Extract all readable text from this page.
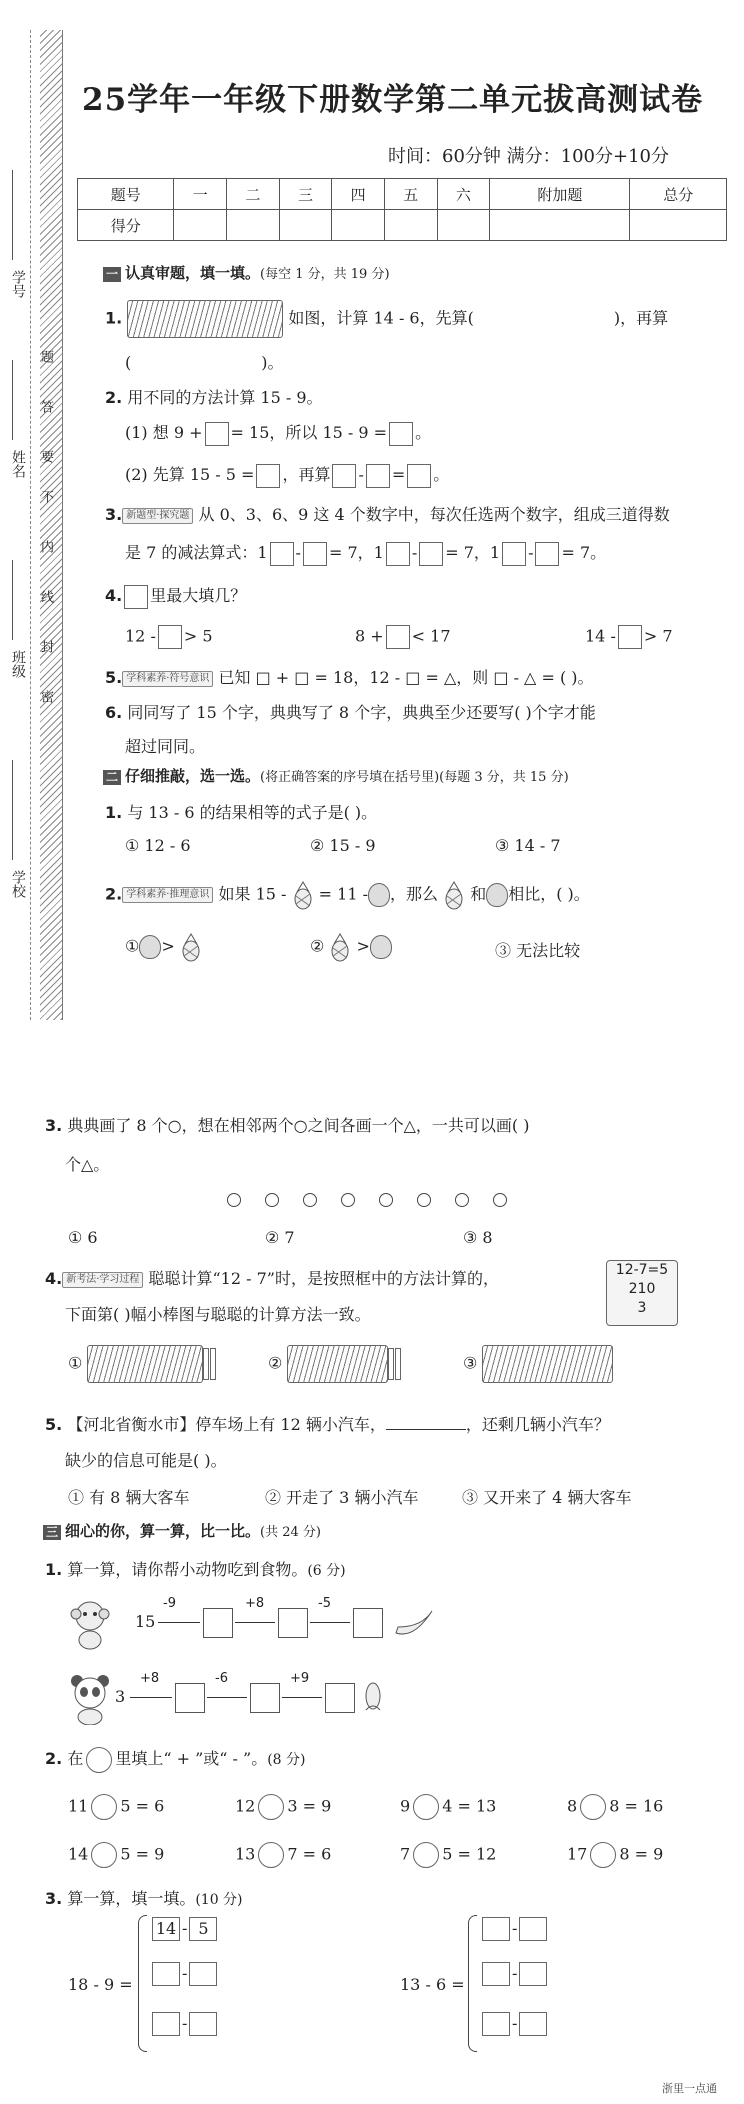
学校
班级
姓名
学号
题
答
要
不
内
线
封
密
25学年一年级下册数学第二单元拔高测试卷
时间：60分钟 满分：100分+10分
题号	一	二	三	四	五	六	附加题	总分
得分								
一 认真审题，填一填。(每空 1 分，共 19 分)
1.	如图，计算 14 - 6，先算(	)，再算
(	)。
2. 用不同的方法计算 15 - 9。
(1) 想 9 + = 15，所以 15 - 9 = 。
(2) 先算 15 - 5 = ，再算 - = 。
3. 新题型·探究题 从 0、3、6、9 这 4 个数字中，每次任选两个数字，组成三道得数
是 7 的减法算式：1 - = 7，1 - = 7，1 - = 7。
4. 里最大填几？
12 - > 5	8 + < 17	14 - > 7
5. 学科素养·符号意识 已知 □ + □ = 18，12 - □ = △，则 □ - △ = ( )。
6. 同同写了 15 个字，典典写了 8 个字，典典至少还要写( )个字才能
超过同同。
二 仔细推敲，选一选。(将正确答案的序号填在括号里)(每题 3 分，共 15 分)
1. 与 13 - 6 的结果相等的式子是( )。
① 12 - 6	② 15 - 9	③ 14 - 7
2. 学科素养·推理意识 如果 15 - = 11 - ，那么 和 相比，( )。
① >	② >	③ 无法比较
3. 典典画了 8 个○，想在相邻两个○之间各画一个△，一共可以画( )
个△。
① 6	② 7	③ 8
4. 新考法·学习过程 聪聪计算“12 - 7”时，是按照框中的方法计算的，
下面第( )幅小棒图与聪聪的计算方法一致。
12-7=5
210
3
①	②	③
5. 【河北省衡水市】停车场上有 12 辆小汽车，	，还剩几辆小汽车？
缺少的信息可能是( )。
① 有 8 辆大客车	② 开走了 3 辆小汽车	③ 又开来了 4 辆大客车
三 细心的你，算一算，比一比。(共 24 分)
1. 算一算，请你帮小动物吃到食物。(6 分)
15
-9	+8	-5
3
+8	-6	+9
2. 在 里填上“ + ”或“ - ”。(8 分)
11 5 = 6	12 3 = 9	9 4 = 13	8 8 = 16
14 5 = 9	13 7 = 6	7 5 = 12	17 8 = 9
3. 算一算，填一填。(10 分)
18 - 9 =
14 - 5
-
-
13 - 6 =
-
-
-
浙里一点通
